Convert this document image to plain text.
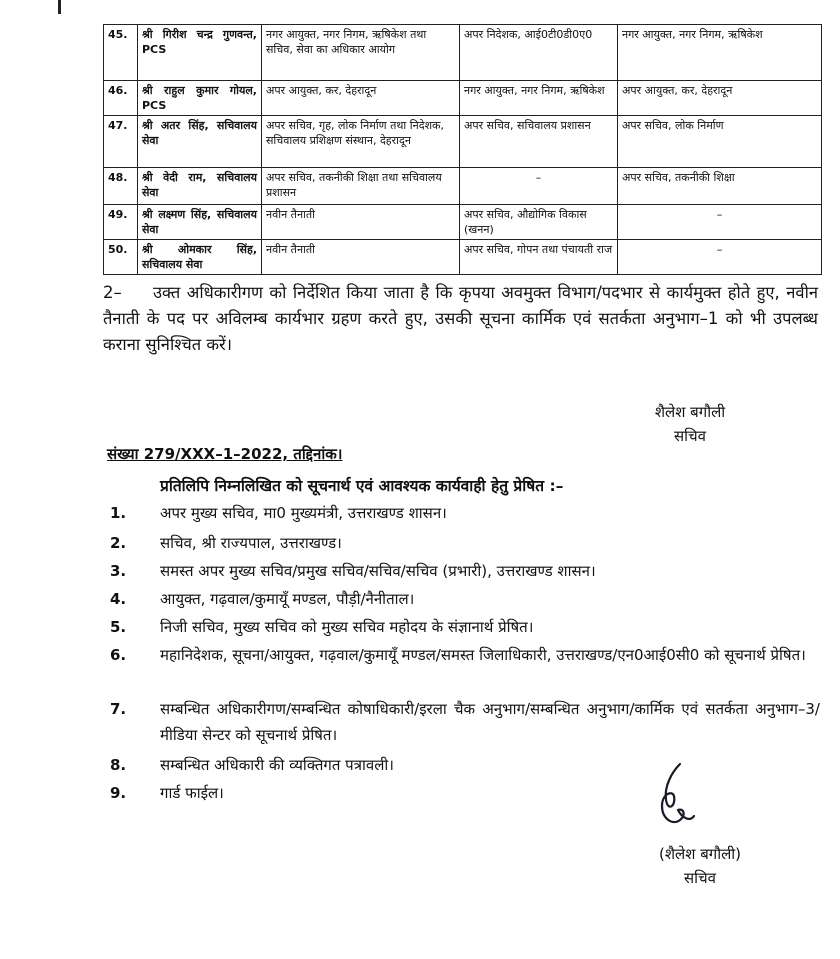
45.	श्री गिरीश चन्द्र गुणवन्त, PCS	नगर आयुक्त, नगर निगम, ऋषिकेश तथा सचिव, सेवा का अधिकार आयोग	अपर निदेशक, आई0टी0डी0ए0	नगर आयुक्त, नगर निगम, ऋषिकेश
46.	श्री राहुल कुमार गोयल, PCS	अपर आयुक्त, कर, देहरादून	नगर आयुक्त, नगर निगम, ऋषिकेश	अपर आयुक्त, कर, देहरादून
47.	श्री अतर सिंह, सचिवालय सेवा	अपर सचिव, गृह, लोक निर्माण तथा निदेशक, सचिवालय प्रशिक्षण संस्थान, देहरादून	अपर सचिव, सचिवालय प्रशासन	अपर सचिव, लोक निर्माण
48.	श्री वेदी राम, सचिवालय सेवा	अपर सचिव, तकनीकी शिक्षा तथा सचिवालय प्रशासन	–	अपर सचिव, तकनीकी शिक्षा
49.	श्री लक्ष्मण सिंह, सचिवालय सेवा	नवीन तैनाती	अपर सचिव, औद्योगिक विकास (खनन)	–
50.	श्री ओमकार सिंह, सचिवालय सेवा	नवीन तैनाती	अपर सचिव, गोपन तथा पंचायती राज	–
2– उक्त अधिकारीगण को निर्देशित किया जाता है कि कृपया अवमुक्त विभाग/पदभार से कार्यमुक्त होते हुए, नवीन तैनाती के पद पर अविलम्ब कार्यभार ग्रहण करते हुए, उसकी सूचना कार्मिक एवं सतर्कता अनुभाग–1 को भी उपलब्ध कराना सुनिश्चित करें।
शैलेश बगौली
सचिव
संख्या 279/XXX–1–2022, तद्दिनांक।
प्रतिलिपि निम्नलिखित को सूचनार्थ एवं आवश्यक कार्यवाही हेतु प्रेषित :–
1. अपर मुख्य सचिव, मा0 मुख्यमंत्री, उत्तराखण्ड शासन।
2. सचिव, श्री राज्यपाल, उत्तराखण्ड।
3. समस्त अपर मुख्य सचिव/प्रमुख सचिव/सचिव/सचिव (प्रभारी), उत्तराखण्ड शासन।
4. आयुक्त, गढ़वाल/कुमायूँ मण्डल, पौड़ी/नैनीताल।
5. निजी सचिव, मुख्य सचिव को मुख्य सचिव महोदय के संज्ञानार्थ प्रेषित।
6. महानिदेशक, सूचना/आयुक्त, गढ़वाल/कुमायूँ मण्डल/समस्त जिलाधिकारी, उत्तराखण्ड/एन0आई0सी0 को सूचनार्थ प्रेषित।
7. सम्बन्धित अधिकारीगण/सम्बन्धित कोषाधिकारी/इरला चैक अनुभाग/सम्बन्धित अनुभाग/कार्मिक एवं सतर्कता अनुभाग–3/मीडिया सेन्टर को सूचनार्थ प्रेषित।
8. सम्बन्धित अधिकारी की व्यक्तिगत पत्रावली।
9. गार्ड फाईल।
(शैलेश बगौली)
सचिव
